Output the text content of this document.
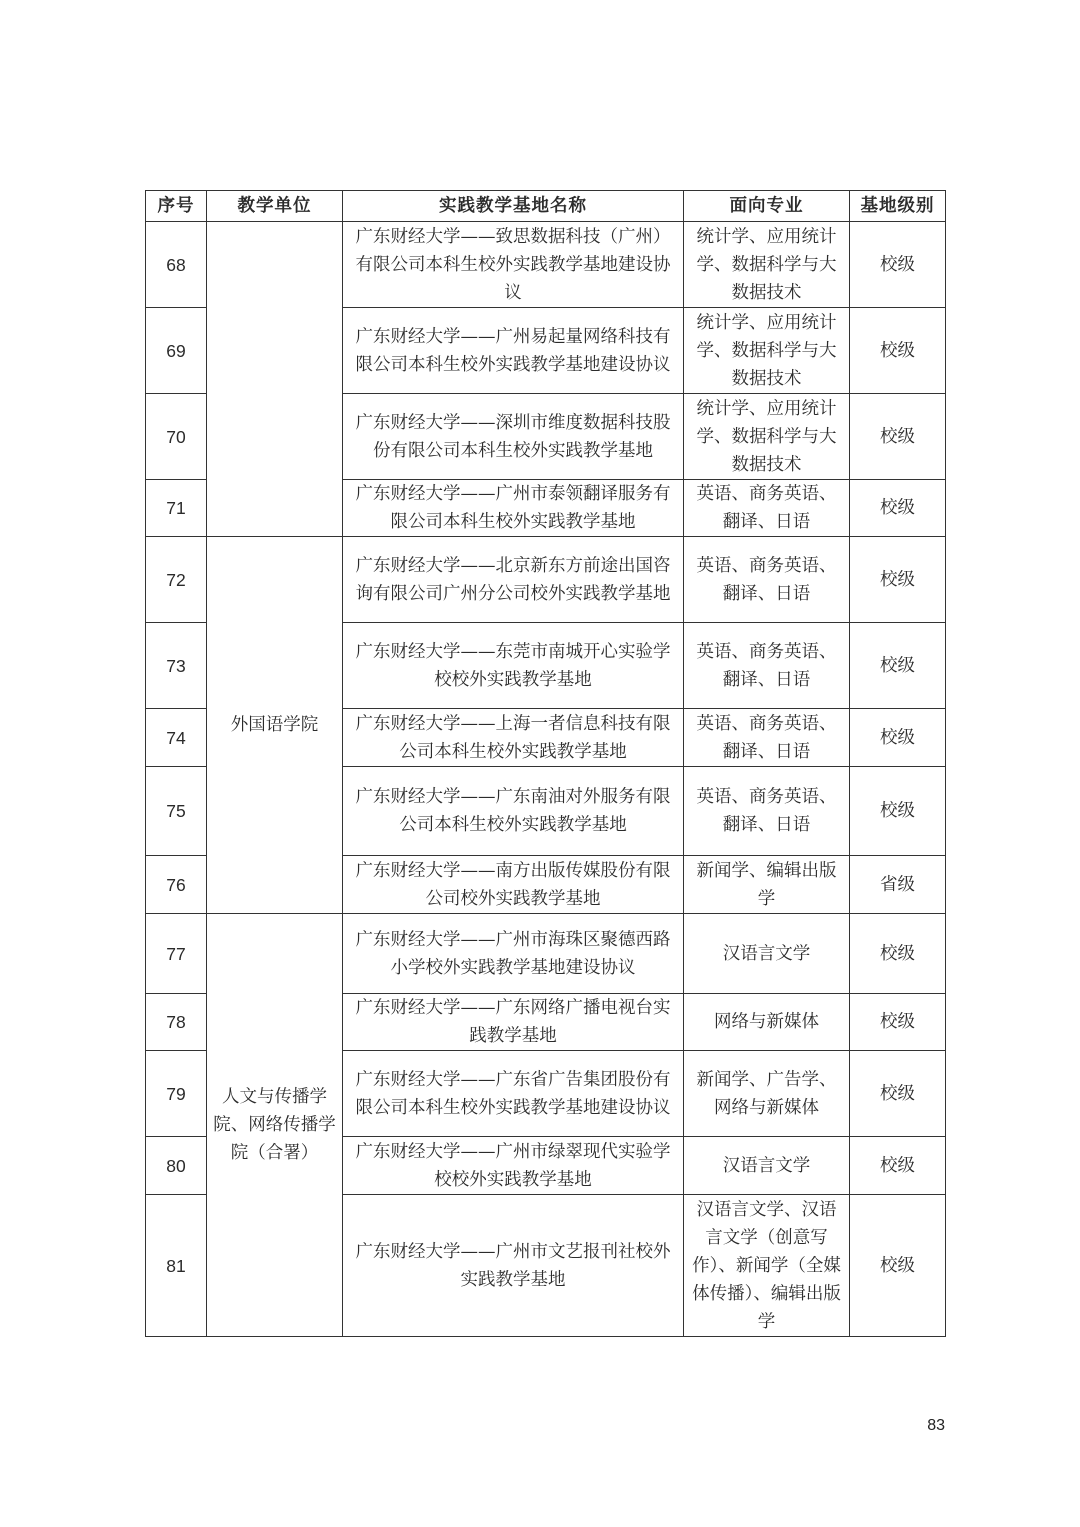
序号	教学单位	实践教学基地名称	面向专业	基地级别
68		广东财经大学——致思数据科技（广州）有限公司本科生校外实践教学基地建设协议	统计学、应用统计学、数据科学与大数据技术	校级
69		广东财经大学——广州易起量网络科技有限公司本科生校外实践教学基地建设协议	统计学、应用统计学、数据科学与大数据技术	校级
70		广东财经大学——深圳市维度数据科技股份有限公司本科生校外实践教学基地	统计学、应用统计学、数据科学与大数据技术	校级
71		广东财经大学——广州市泰领翻译服务有限公司本科生校外实践教学基地	英语、商务英语、翻译、日语	校级
72	外国语学院	广东财经大学——北京新东方前途出国咨询有限公司广州分公司校外实践教学基地	英语、商务英语、翻译、日语	校级
73		广东财经大学——东莞市南城开心实验学校校外实践教学基地	英语、商务英语、翻译、日语	校级
74		广东财经大学——上海一者信息科技有限公司本科生校外实践教学基地	英语、商务英语、翻译、日语	校级
75		广东财经大学——广东南油对外服务有限公司本科生校外实践教学基地	英语、商务英语、翻译、日语	校级
76		广东财经大学——南方出版传媒股份有限公司校外实践教学基地	新闻学、编辑出版学	省级
77	人文与传播学院、网络传播学院（合署）	广东财经大学——广州市海珠区聚德西路小学校外实践教学基地建设协议	汉语言文学	校级
78		广东财经大学——广东网络广播电视台实践教学基地	网络与新媒体	校级
79		广东财经大学——广东省广告集团股份有限公司本科生校外实践教学基地建设协议	新闻学、广告学、网络与新媒体	校级
80		广东财经大学——广州市绿翠现代实验学校校外实践教学基地	汉语言文学	校级
81		广东财经大学——广州市文艺报刊社校外实践教学基地	汉语言文学、汉语言文学（创意写作）、新闻学（全媒体传播）、编辑出版学	校级
83
